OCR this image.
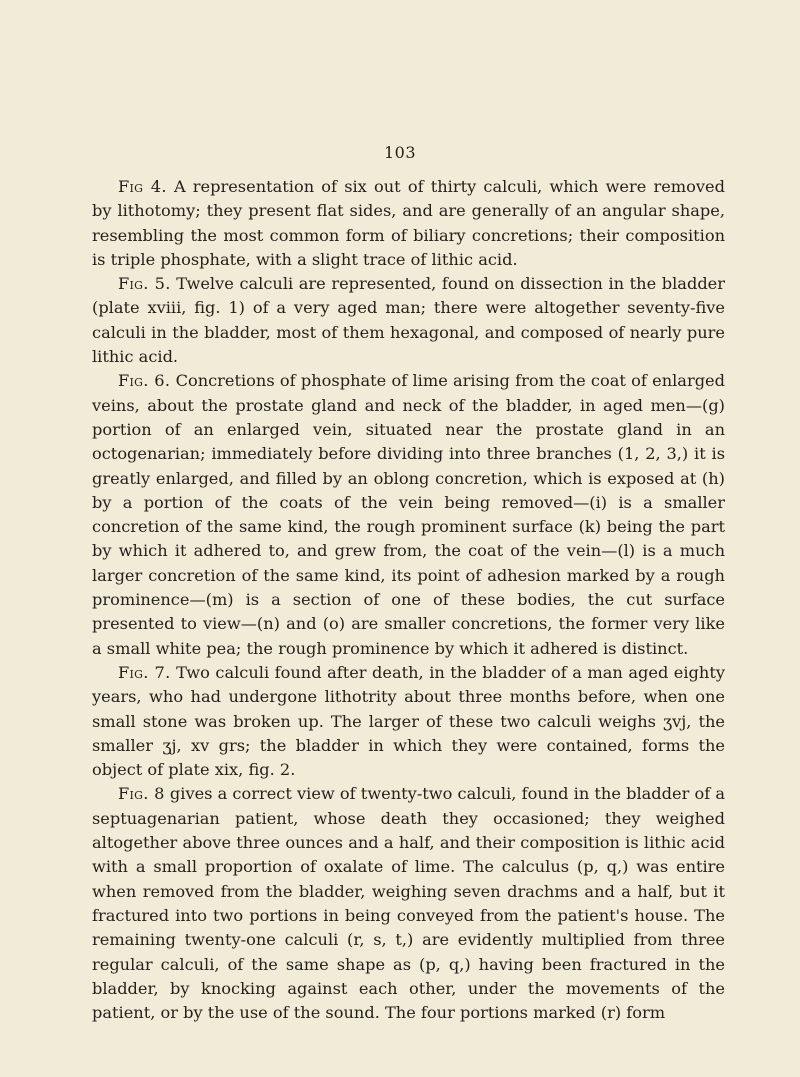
103

Fig 4. A representation of six out of thirty calculi, which were removed by lithotomy; they present flat sides, and are generally of an angular shape, resembling the most common form of biliary concretions; their composition is triple phosphate, with a slight trace of lithic acid.

Fig. 5. Twelve calculi are represented, found on dissection in the bladder (plate xviii, fig. 1) of a very aged man; there were altogether seventy-five calculi in the bladder, most of them hexagonal, and composed of nearly pure lithic acid.

Fig. 6. Concretions of phosphate of lime arising from the coat of enlarged veins, about the prostate gland and neck of the bladder, in aged men—(g) portion of an enlarged vein, situated near the prostate gland in an octogenarian; immediately before dividing into three branches (1, 2, 3,) it is greatly enlarged, and filled by an oblong concretion, which is exposed at (h) by a portion of the coats of the vein being removed—(i) is a smaller concretion of the same kind, the rough prominent surface (k) being the part by which it adhered to, and grew from, the coat of the vein—(l) is a much larger concretion of the same kind, its point of adhesion marked by a rough prominence—(m) is a section of one of these bodies, the cut surface presented to view—(n) and (o) are smaller concretions, the former very like a small white pea; the rough prominence by which it adhered is distinct.

Fig. 7. Two calculi found after death, in the bladder of a man aged eighty years, who had undergone lithotrity about three months before, when one small stone was broken up. The larger of these two calculi weighs ʒvj, the smaller ʒj, xv grs; the bladder in which they were contained, forms the object of plate xix, fig. 2.

Fig. 8 gives a correct view of twenty-two calculi, found in the bladder of a septuagenarian patient, whose death they occasioned; they weighed altogether above three ounces and a half, and their composition is lithic acid with a small proportion of oxalate of lime. The calculus (p, q,) was entire when removed from the bladder, weighing seven drachms and a half, but it fractured into two portions in being conveyed from the patient's house. The remaining twenty-one calculi (r, s, t,) are evidently multiplied from three regular calculi, of the same shape as (p, q,) having been fractured in the bladder, by knocking against each other, under the movements of the patient, or by the use of the sound. The four portions marked (r) form
